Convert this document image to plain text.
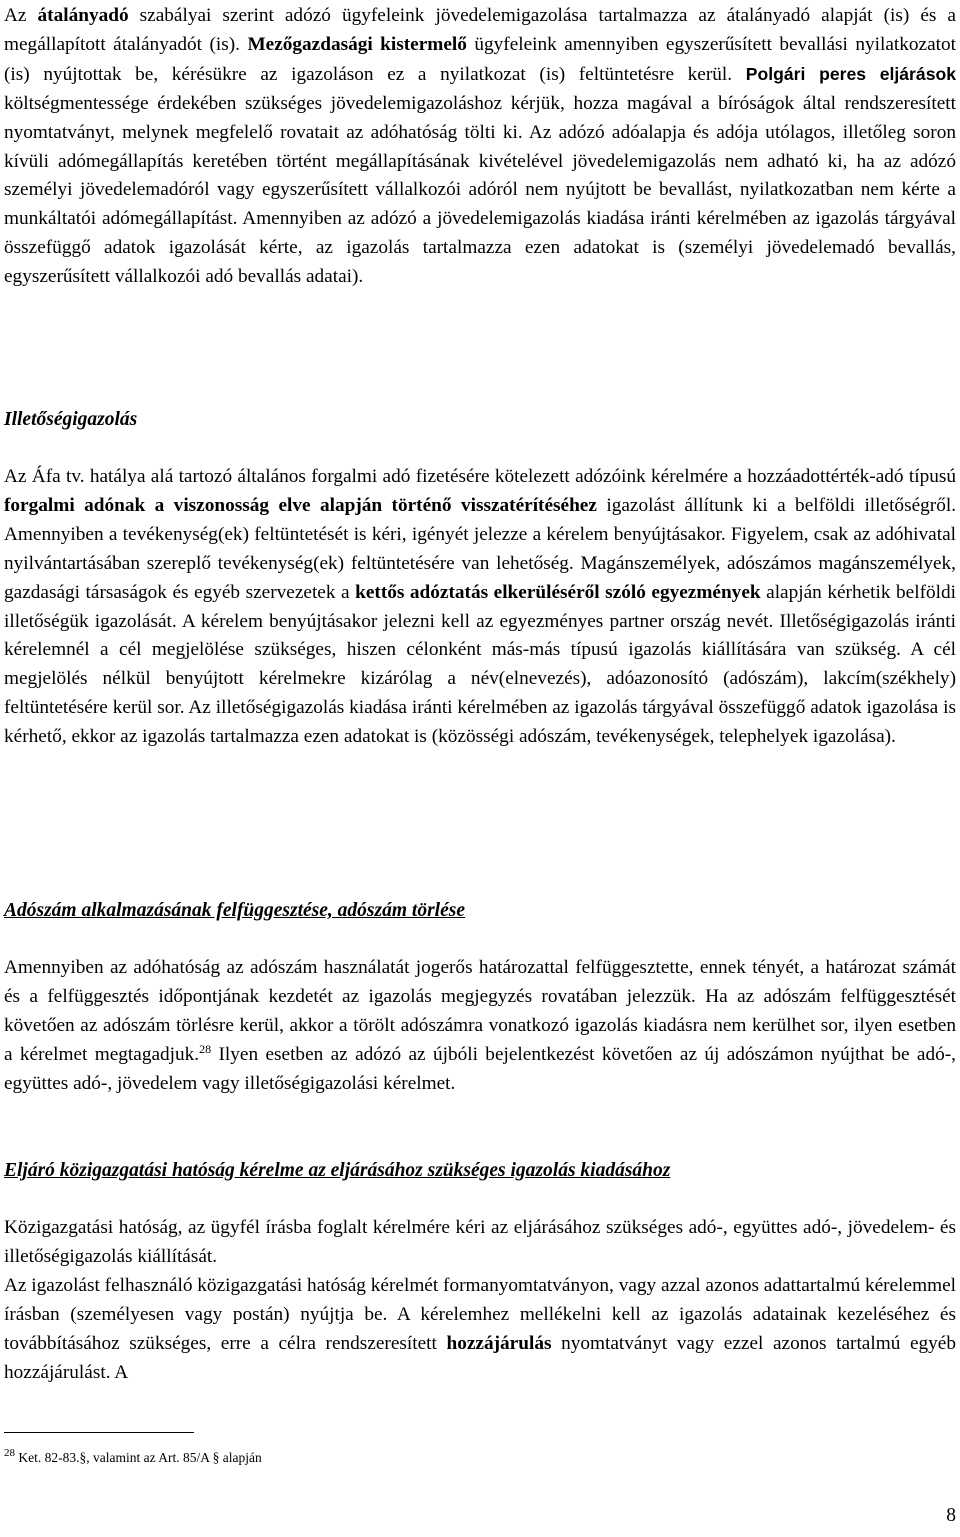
Az átalányadó szabályai szerint adózó ügyfeleink jövedelemigazolása tartalmazza az átalányadó alapját (is) és a megállapított átalányadót (is). Mezőgazdasági kistermelő ügyfeleink amennyiben egyszerűsített bevallási nyilatkozatot (is) nyújtottak be, kérésükre az igazoláson ez a nyilatkozat (is) feltüntetésre kerül. Polgári peres eljárások költségmentessége érdekében szükséges jövedelemigazoláshoz kérjük, hozza magával a bíróságok által rendszeresített nyomtatványt, melynek megfelelő rovatait az adóhatóság tölti ki. Az adózó adóalapja és adója utólagos, illetőleg soron kívüli adómegállapítás keretében történt megállapításának kivételével jövedelemigazolás nem adható ki, ha az adózó személyi jövedelemadóról vagy egyszerűsített vállalkozói adóról nem nyújtott be bevallást, nyilatkozatban nem kérte a munkáltatói adómegállapítást. Amennyiben az adózó a jövedelemigazolás kiadása iránti kérelmében az igazolás tárgyával összefüggő adatok igazolását kérte, az igazolás tartalmazza ezen adatokat is (személyi jövedelemadó bevallás, egyszerűsített vállalkozói adó bevallás adatai).

Illetőségigazolás

Az Áfa tv. hatálya alá tartozó általános forgalmi adó fizetésére kötelezett adózóink kérelmére a hozzáadottérték-adó típusú forgalmi adónak a viszonosság elve alapján történő visszatérítéséhez igazolást állítunk ki a belföldi illetőségről. Amennyiben a tevékenység(ek) feltüntetését is kéri, igényét jelezze a kérelem benyújtásakor. Figyelem, csak az adóhivatal nyilvántartásában szereplő tevékenység(ek) feltüntetésére van lehetőség. Magánszemélyek, adószámos magánszemélyek, gazdasági társaságok és egyéb szervezetek a kettős adóztatás elkerüléséről szóló egyezmények alapján kérhetik belföldi illetőségük igazolását. A kérelem benyújtásakor jelezni kell az egyezményes partner ország nevét. Illetőségigazolás iránti kérelemnél a cél megjelölése szükséges, hiszen célonként más-más típusú igazolás kiállítására van szükség. A cél megjelölés nélkül benyújtott kérelmekre kizárólag a név(elnevezés), adóazonosító (adószám), lakcím(székhely) feltüntetésére kerül sor. Az illetőségigazolás kiadása iránti kérelmében az igazolás tárgyával összefüggő adatok igazolása is kérhető, ekkor az igazolás tartalmazza ezen adatokat is (közösségi adószám, tevékenységek, telephelyek igazolása).

Adószám alkalmazásának felfüggesztése, adószám törlése

Amennyiben az adóhatóság az adószám használatát jogerős határozattal felfüggesztette, ennek tényét, a határozat számát és a felfüggesztés időpontjának kezdetét az igazolás megjegyzés rovatában jelezzük. Ha az adószám felfüggesztését követően az adószám törlésre kerül, akkor a törölt adószámra vonatkozó igazolás kiadásra nem kerülhet sor, ilyen esetben a kérelmet megtagadjuk.$^{28}$ Ilyen esetben az adózó az újbóli bejelentkezést követően az új adószámon nyújthat be adó-, együttes adó-, jövedelem vagy illetőségigazolási kérelmet.

Eljáró közigazgatási hatóság kérelme az eljárásához szükséges igazolás kiadásához

Közigazgatási hatóság, az ügyfél írásba foglalt kérelmére kéri az eljárásához szükséges adó-, együttes adó-, jövedelem- és illetőségigazolás kiállítását.

Az igazolást felhasználó közigazgatási hatóság kérelmét formanyomtatványon, vagy azzal azonos adattartalmú kérelemmel írásban (személyesen vagy postán) nyújtja be. A kérelemhez mellékelni kell az igazolás adatainak kezeléséhez és továbbításához szükséges, erre a célra rendszeresített hozzájárulás nyomtatványt vagy ezzel azonos tartalmú egyéb hozzájárulást. A

$^{28}$ Ket. 82-83.§, valamint az Art. 85/A § alapján
8
